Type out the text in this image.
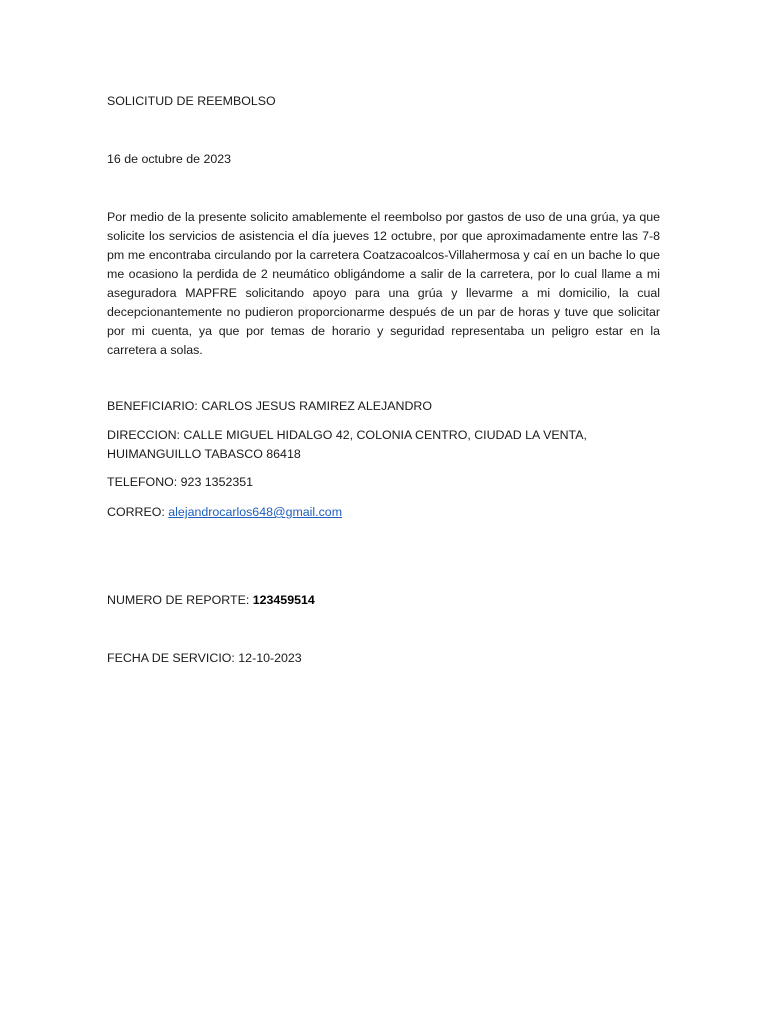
SOLICITUD DE REEMBOLSO

16 de octubre de 2023

Por medio de la presente solicito amablemente el reembolso por gastos de uso de una grúa, ya que solicite los servicios de asistencia el día jueves 12 octubre, por que aproximadamente entre las 7-8 pm me encontraba circulando por la carretera Coatzacoalcos-Villahermosa y caí en un bache lo que me ocasiono la perdida de 2 neumático obligándome a salir de la carretera, por lo cual llame a mi aseguradora MAPFRE solicitando apoyo para una grúa y llevarme a mi domicilio, la cual decepcionantemente no pudieron proporcionarme después de un par de horas y tuve que solicitar por mi cuenta, ya que por temas de horario y seguridad representaba un peligro estar en la carretera a solas.

BENEFICIARIO: CARLOS JESUS RAMIREZ ALEJANDRO

DIRECCION: CALLE MIGUEL HIDALGO 42, COLONIA CENTRO, CIUDAD LA VENTA, HUIMANGUILLO TABASCO 86418

TELEFONO: 923 1352351

CORREO: alejandrocarlos648@gmail.com

NUMERO DE REPORTE: 123459514

FECHA DE SERVICIO: 12-10-2023
